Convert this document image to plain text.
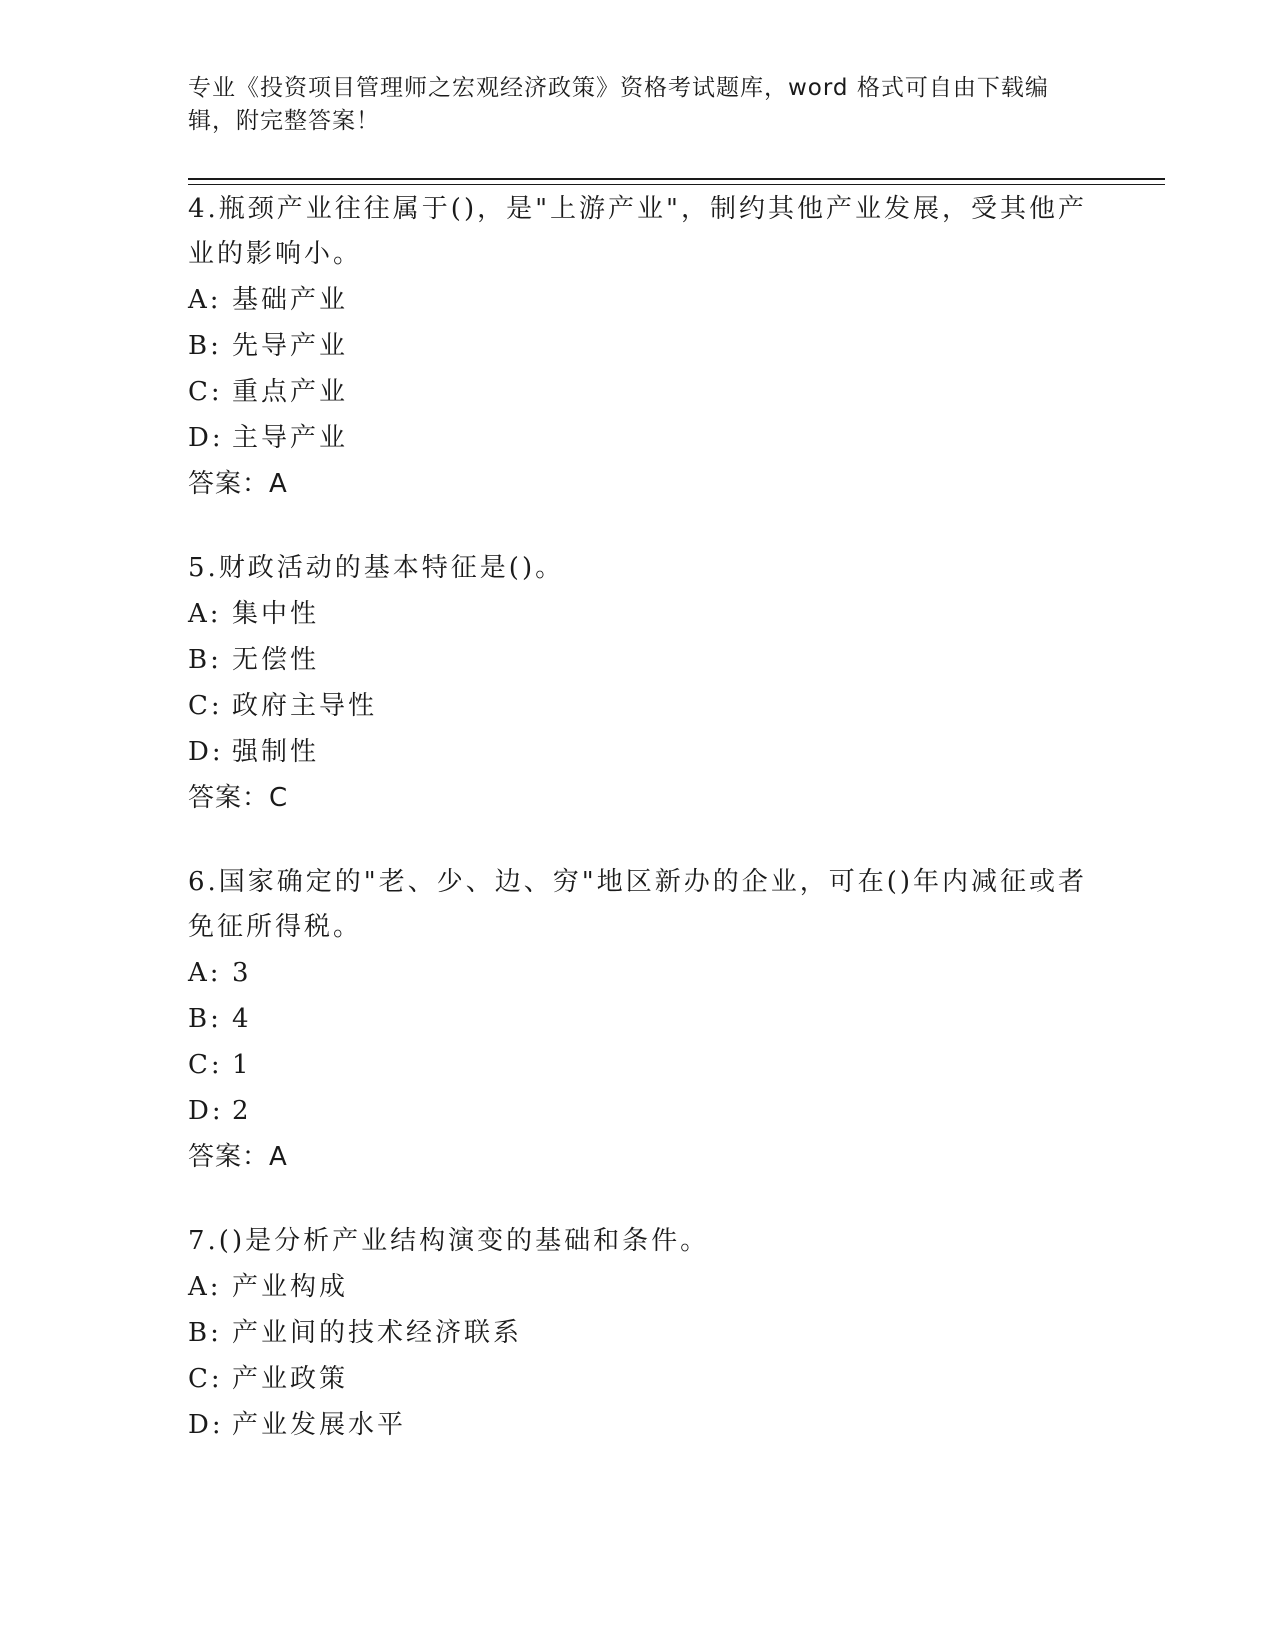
专业《投资项目管理师之宏观经济政策》资格考试题库，word 格式可自由下载编辑，附完整答案！
4.瓶颈产业往往属于()，是"上游产业"，制约其他产业发展，受其他产业的影响小。
A: 基础产业
B: 先导产业
C: 重点产业
D: 主导产业
答案：A
5.财政活动的基本特征是()。
A: 集中性
B: 无偿性
C: 政府主导性
D: 强制性
答案：C
6.国家确定的"老、少、边、穷"地区新办的企业，可在()年内减征或者免征所得税。
A: 3
B: 4
C: 1
D: 2
答案：A
7.()是分析产业结构演变的基础和条件。
A: 产业构成
B: 产业间的技术经济联系
C: 产业政策
D: 产业发展水平
